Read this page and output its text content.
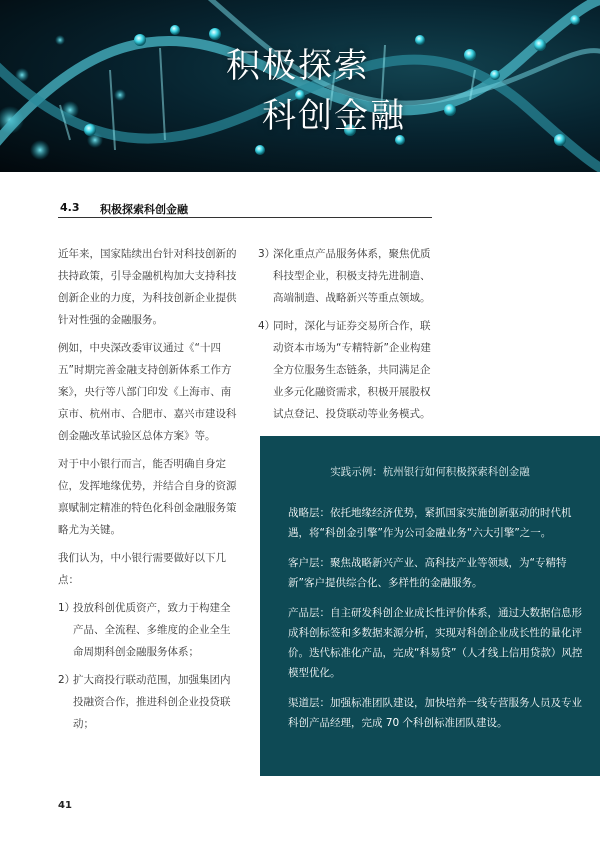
积极探索
科创金融
4.3 积极探索科创金融

近年来，国家陆续出台针对科技创新的扶持政策，引导金融机构加大支持科技创新企业的力度，为科技创新企业提供针对性强的金融服务。

例如，中央深改委审议通过《“十四五”时期完善金融支持创新体系工作方案》，央行等八部门印发《上海市、南京市、杭州市、合肥市、嘉兴市建设科创金融改革试验区总体方案》等。

对于中小银行而言，能否明确自身定位，发挥地缘优势，并结合自身的资源禀赋制定精准的特色化科创金融服务策略尤为关键。

我们认为，中小银行需要做好以下几点：

1）
投放科创优质资产，致力于构建全产品、全流程、多维度的企业全生命周期科创金融服务体系；
2）
扩大商投行联动范围，加强集团内投融资合作，推进科创企业投贷联动；
3）
深化重点产品服务体系，聚焦优质科技型企业，积极支持先进制造、高端制造、战略新兴等重点领域。
4）
同时，深化与证券交易所合作，联动资本市场为“专精特新”企业构建全方位服务生态链条，共同满足企业多元化融资需求，积极开展股权试点登记、投贷联动等业务模式。
实践示例：杭州银行如何积极探索科创金融

战略层：依托地缘经济优势，紧抓国家实施创新驱动的时代机遇，将“科创金引擎”作为公司金融业务“六大引擎”之一。

客户层：聚焦战略新兴产业、高科技产业等领域，为“专精特新”客户提供综合化、多样性的金融服务。

产品层：自主研发科创企业成长性评价体系，通过大数据信息形成科创标签和多数据来源分析，实现对科创企业成长性的量化评价。迭代标准化产品，完成“科易贷”（人才线上信用贷款）风控模型优化。

渠道层：加强标准团队建设，加快培养一线专营服务人员及专业科创产品经理，完成 70 个科创标准团队建设。

41
